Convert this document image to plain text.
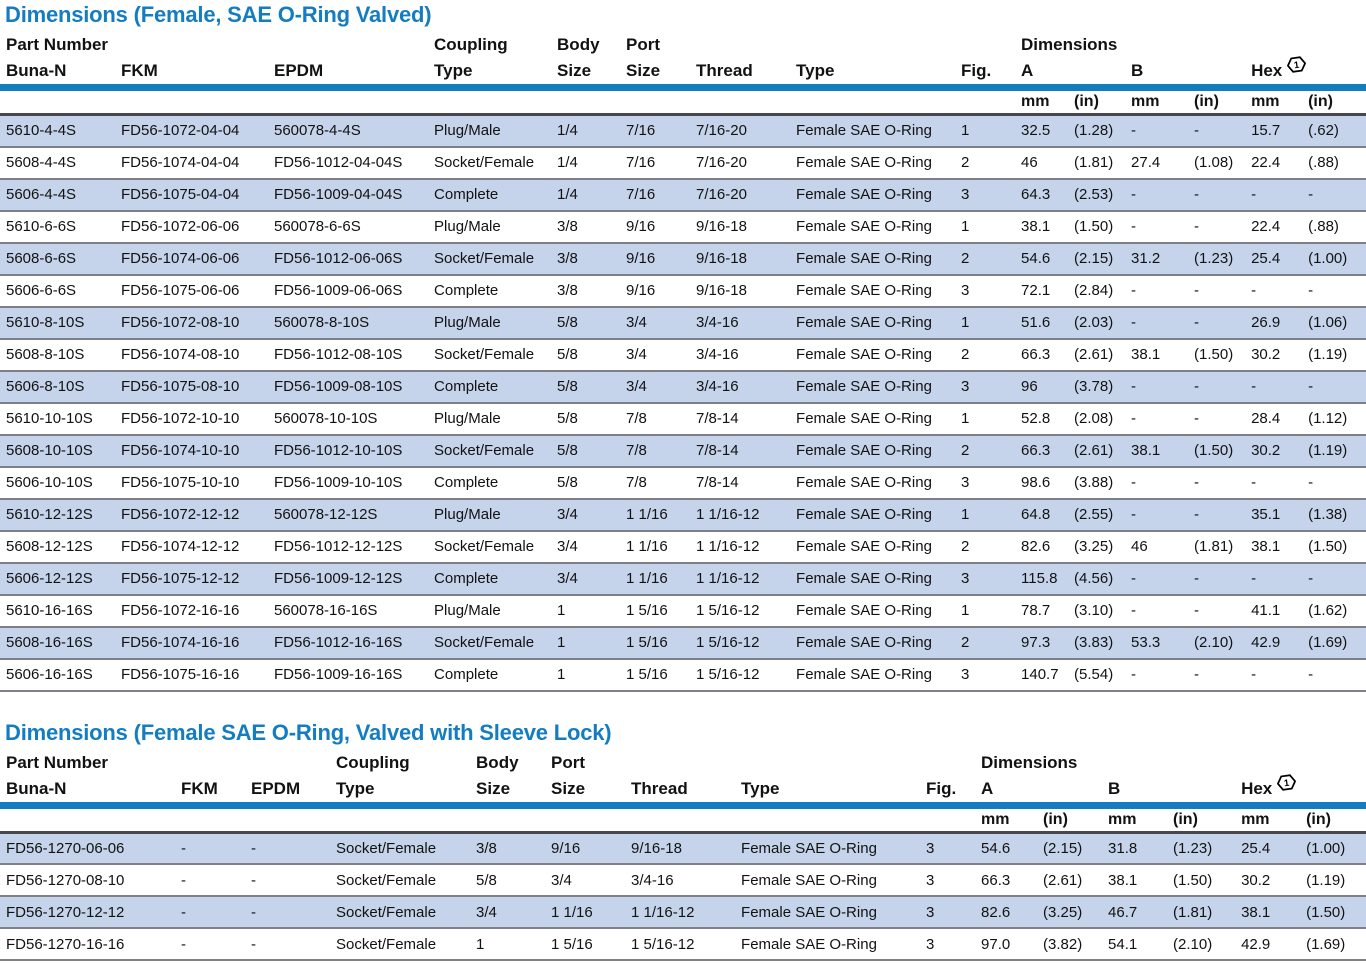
Dimensions (Female, SAE O-Ring Valved)
Part Number			Coupling	Body	Port				Dimensions					
Buna-N	FKM	EPDM	Type	Size	Size	Thread	Type	Fig.	A		B		Hex 1	

									mm	(in)	mm	(in)	mm	(in)
5610-4-4S	FD56-1072-04-04	560078-4-4S	Plug/Male	1/4	7/16	7/16-20	Female SAE O-Ring	1	32.5	(1.28)	-	-	15.7	(.62)
5608-4-4S	FD56-1074-04-04	FD56-1012-04-04S	Socket/Female	1/4	7/16	7/16-20	Female SAE O-Ring	2	46	(1.81)	27.4	(1.08)	22.4	(.88)
5606-4-4S	FD56-1075-04-04	FD56-1009-04-04S	Complete	1/4	7/16	7/16-20	Female SAE O-Ring	3	64.3	(2.53)	-	-	-	-
5610-6-6S	FD56-1072-06-06	560078-6-6S	Plug/Male	3/8	9/16	9/16-18	Female SAE O-Ring	1	38.1	(1.50)	-	-	22.4	(.88)
5608-6-6S	FD56-1074-06-06	FD56-1012-06-06S	Socket/Female	3/8	9/16	9/16-18	Female SAE O-Ring	2	54.6	(2.15)	31.2	(1.23)	25.4	(1.00)
5606-6-6S	FD56-1075-06-06	FD56-1009-06-06S	Complete	3/8	9/16	9/16-18	Female SAE O-Ring	3	72.1	(2.84)	-	-	-	-
5610-8-10S	FD56-1072-08-10	560078-8-10S	Plug/Male	5/8	3/4	3/4-16	Female SAE O-Ring	1	51.6	(2.03)	-	-	26.9	(1.06)
5608-8-10S	FD56-1074-08-10	FD56-1012-08-10S	Socket/Female	5/8	3/4	3/4-16	Female SAE O-Ring	2	66.3	(2.61)	38.1	(1.50)	30.2	(1.19)
5606-8-10S	FD56-1075-08-10	FD56-1009-08-10S	Complete	5/8	3/4	3/4-16	Female SAE O-Ring	3	96	(3.78)	-	-	-	-
5610-10-10S	FD56-1072-10-10	560078-10-10S	Plug/Male	5/8	7/8	7/8-14	Female SAE O-Ring	1	52.8	(2.08)	-	-	28.4	(1.12)
5608-10-10S	FD56-1074-10-10	FD56-1012-10-10S	Socket/Female	5/8	7/8	7/8-14	Female SAE O-Ring	2	66.3	(2.61)	38.1	(1.50)	30.2	(1.19)
5606-10-10S	FD56-1075-10-10	FD56-1009-10-10S	Complete	5/8	7/8	7/8-14	Female SAE O-Ring	3	98.6	(3.88)	-	-	-	-
5610-12-12S	FD56-1072-12-12	560078-12-12S	Plug/Male	3/4	1 1/16	1 1/16-12	Female SAE O-Ring	1	64.8	(2.55)	-	-	35.1	(1.38)
5608-12-12S	FD56-1074-12-12	FD56-1012-12-12S	Socket/Female	3/4	1 1/16	1 1/16-12	Female SAE O-Ring	2	82.6	(3.25)	46	(1.81)	38.1	(1.50)
5606-12-12S	FD56-1075-12-12	FD56-1009-12-12S	Complete	3/4	1 1/16	1 1/16-12	Female SAE O-Ring	3	115.8	(4.56)	-	-	-	-
5610-16-16S	FD56-1072-16-16	560078-16-16S	Plug/Male	1	1 5/16	1 5/16-12	Female SAE O-Ring	1	78.7	(3.10)	-	-	41.1	(1.62)
5608-16-16S	FD56-1074-16-16	FD56-1012-16-16S	Socket/Female	1	1 5/16	1 5/16-12	Female SAE O-Ring	2	97.3	(3.83)	53.3	(2.10)	42.9	(1.69)
5606-16-16S	FD56-1075-16-16	FD56-1009-16-16S	Complete	1	1 5/16	1 5/16-12	Female SAE O-Ring	3	140.7	(5.54)	-	-	-	-
Dimensions (Female SAE O-Ring, Valved with Sleeve Lock)
Part Number			Coupling	Body	Port				Dimensions					
Buna-N	FKM	EPDM	Type	Size	Size	Thread	Type	Fig.	A		B		Hex 1	

									mm	(in)	mm	(in)	mm	(in)
FD56-1270-06-06	-	-	Socket/Female	3/8	9/16	9/16-18	Female SAE O-Ring	3	54.6	(2.15)	31.8	(1.23)	25.4	(1.00)
FD56-1270-08-10	-	-	Socket/Female	5/8	3/4	3/4-16	Female SAE O-Ring	3	66.3	(2.61)	38.1	(1.50)	30.2	(1.19)
FD56-1270-12-12	-	-	Socket/Female	3/4	1 1/16	1 1/16-12	Female SAE O-Ring	3	82.6	(3.25)	46.7	(1.81)	38.1	(1.50)
FD56-1270-16-16	-	-	Socket/Female	1	1 5/16	1 5/16-12	Female SAE O-Ring	3	97.0	(3.82)	54.1	(2.10)	42.9	(1.69)
